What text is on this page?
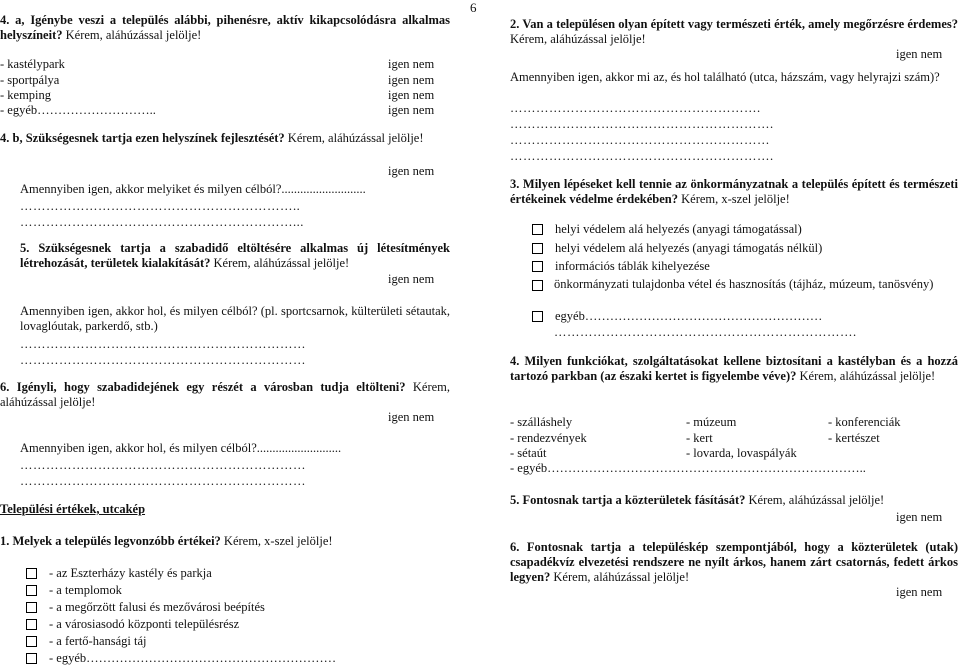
6
4. a, Igénybe veszi a település alábbi, pihenésre, aktív kikapcsolódásra alkalmas helyszíneit? Kérem, aláhúzással jelölje!
- kastélypark	igen nem
- sportpálya	igen nem
- kemping	igen nem
- egyéb………………………..	igen nem
4. b, Szükségesnek tartja ezen helyszínek fejlesztését? Kérem, aláhúzással jelölje!
igen nem
Amennyiben igen, akkor melyiket és milyen célból?...........................
………………………………………………………..
………………………………………………………...
5. Szükségesnek tartja a szabadidő eltöltésére alkalmas új létesítmények létrehozását, területek kialakítását? Kérem, aláhúzással jelölje!
igen nem
Amennyiben igen, akkor hol, és milyen célból? (pl. sportcsarnok, külterületi sétautak, lovaglóutak, parkerdő, stb.)
…………………………………………………………
…………………………………………………………
6. Igényli, hogy szabadidejének egy részét a városban tudja eltölteni? Kérem, aláhúzással jelölje!
igen nem
Amennyiben igen, akkor hol, és milyen célból?...........................
…………………………………………………………
…………………………………………………………
Települési értékek, utcakép
1. Melyek a település legvonzóbb értékei? Kérem, x-szel jelölje!
- az Eszterházy kastély és parkja
- a templomok
- a megőrzött falusi és mezővárosi beépítés
- a városiasodó központi településrész
- a fertő-hansági táj
- egyéb……………………………………………………
2. Van a településen olyan épített vagy természeti érték, amely megőrzésre érdemes? Kérem, aláhúzással jelölje!
igen nem
Amennyiben igen, akkor mi az, és hol található (utca, házszám, vagy helyrajzi szám)?
………………………………………………….
…………………………………………………….
……………………………………………………
…………………………………………………….
3. Milyen lépéseket kell tennie az önkormányzatnak a település épített és természeti értékeinek védelme érdekében? Kérem, x-szel jelölje!
helyi védelem alá helyezés (anyagi támogatással)
helyi védelem alá helyezés (anyagi támogatás nélkül)
információs táblák kihelyezése
önkormányzati tulajdonba vétel és hasznosítás (tájház, múzeum, tanösvény)
egyéb…………………………………………………
…………………………………………………………….
4. Milyen funkciókat, szolgáltatásokat kellene biztosítani a kastélyban és a hozzá tartozó parkban (az északi kertet is figyelembe véve)? Kérem, aláhúzással jelölje!
- szálláshely	- múzeum	- konferenciák
- rendezvények	- kert	- kertészet
- sétaút	- lovarda, lovaspályák
- egyéb…………………………………………………………………..
5. Fontosnak tartja a közterületek fásítását? Kérem, aláhúzással jelölje!
igen nem
6. Fontosnak tartja a településkép szempontjából, hogy a közterületek (utak) csapadékvíz elvezetési rendszere ne nyílt árkos, hanem zárt csatornás, fedett árkos legyen? Kérem, aláhúzással jelölje!
igen nem
